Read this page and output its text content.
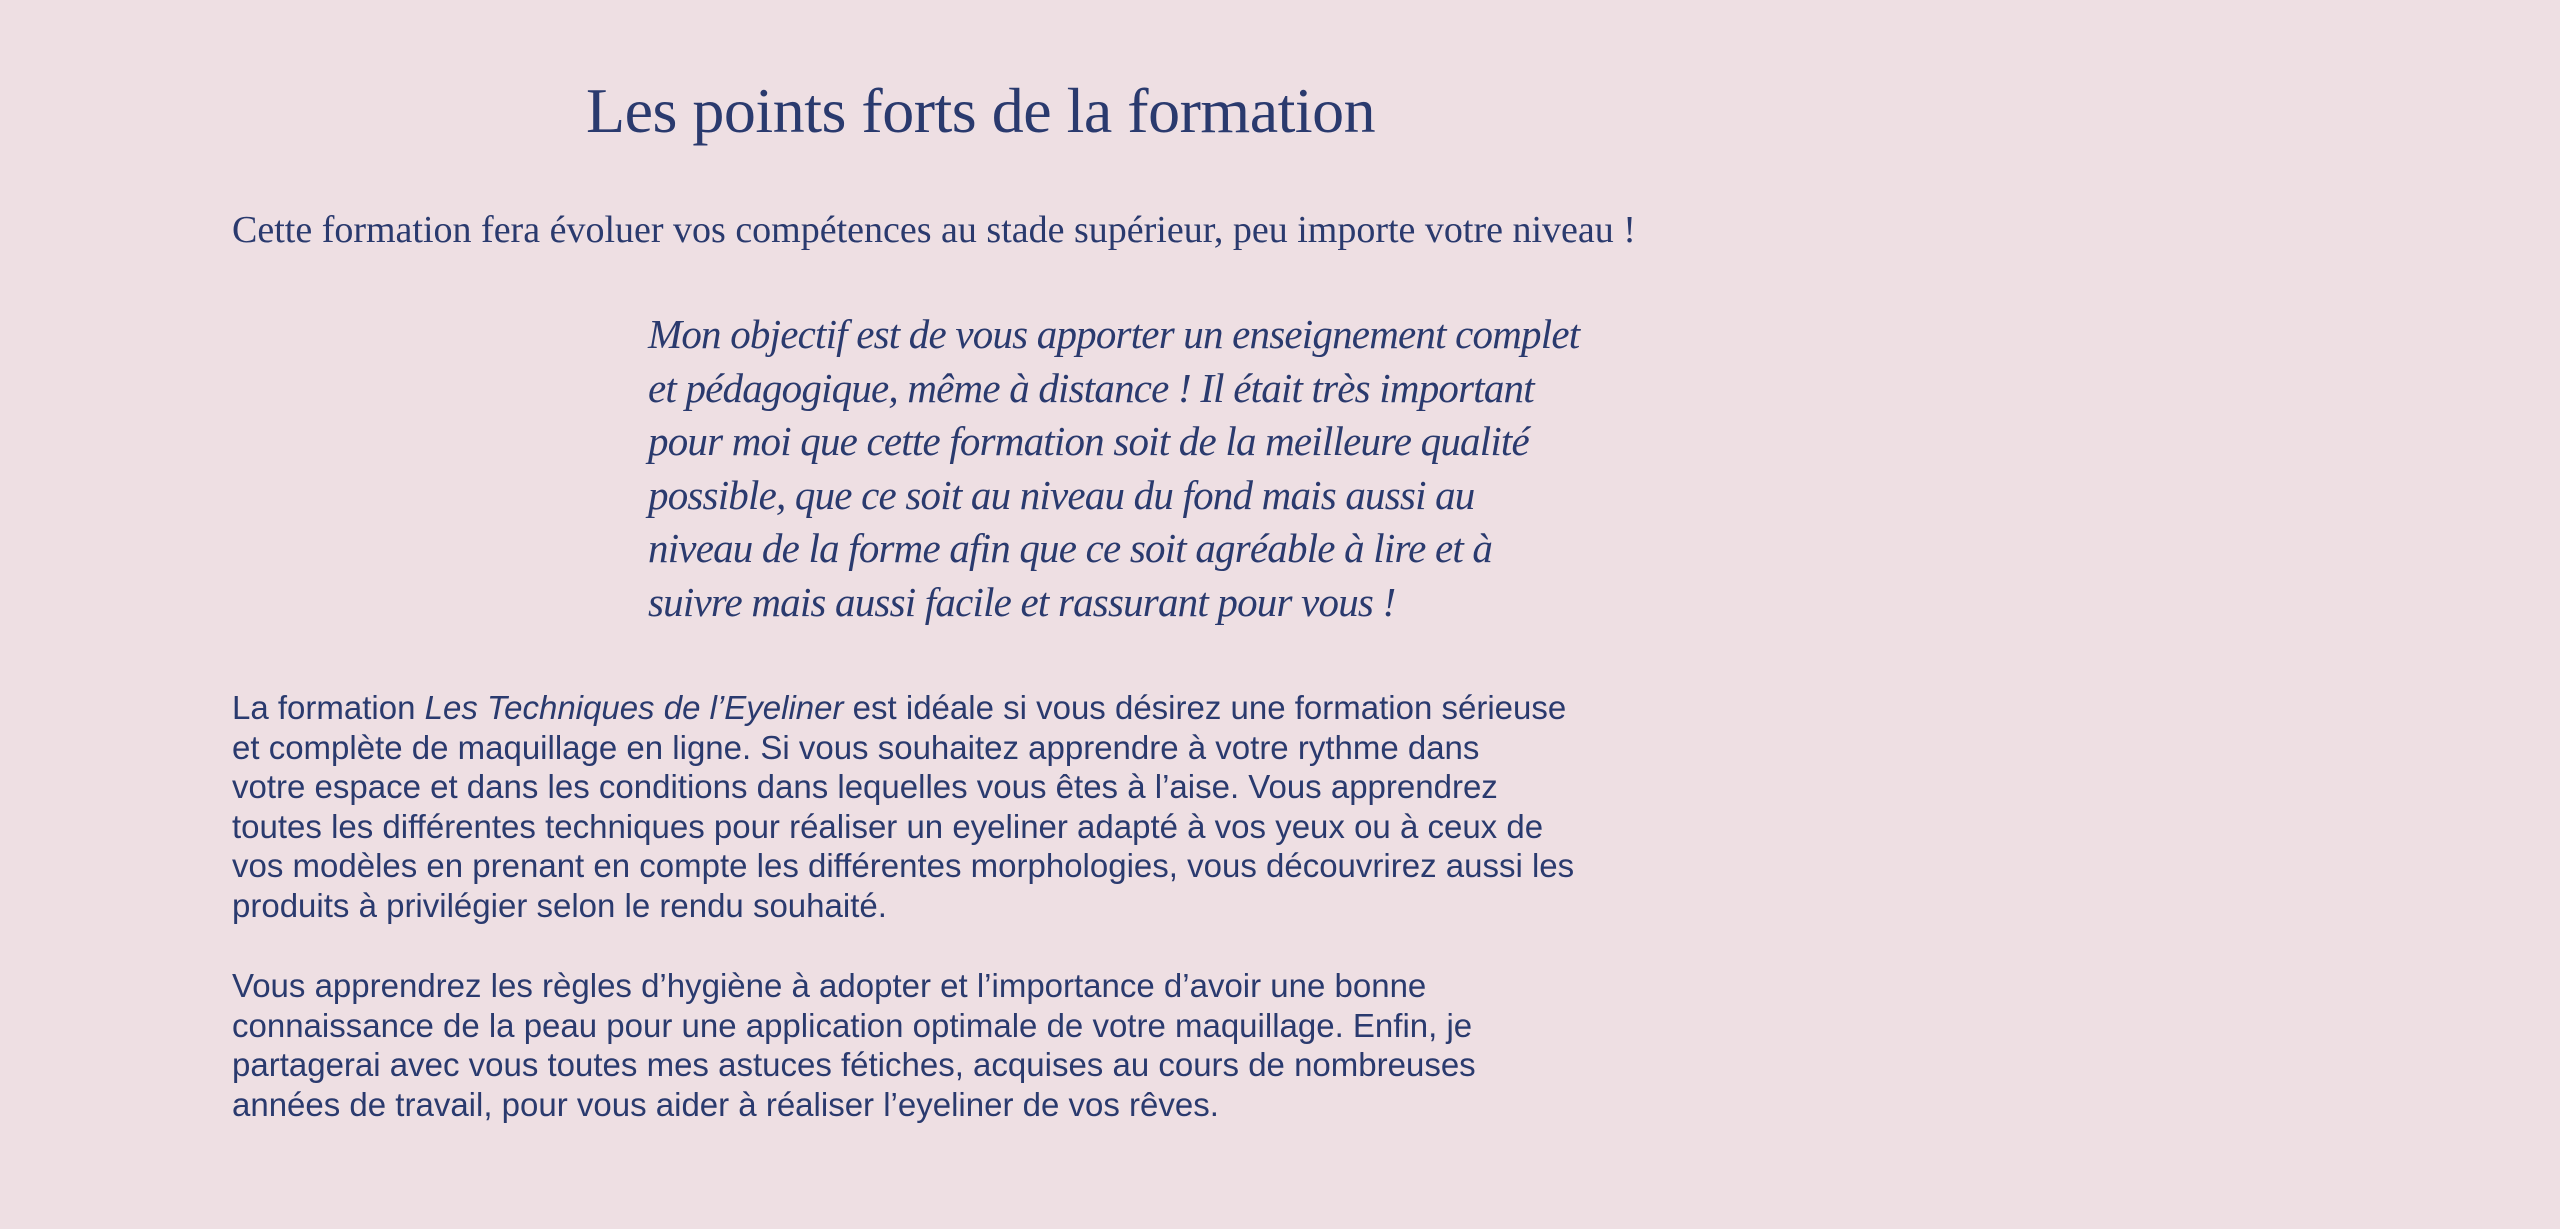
Les points forts de la formation

Cette formation fera évoluer vos compétences au stade supérieur, peu importe votre niveau !

Mon objectif est de vous apporter un enseignement complet
et pédagogique, même à distance ! Il était très important
pour moi que cette formation soit de la meilleure qualité
possible, que ce soit au niveau du fond mais aussi au
niveau de la forme afin que ce soit agréable à lire et à
suivre mais aussi facile et rassurant pour vous !
La formation Les Techniques de l’Eyeliner est idéale si vous désirez une formation sérieuse
et complète de maquillage en ligne. Si vous souhaitez apprendre à votre rythme dans
votre espace et dans les conditions dans lequelles vous êtes à l’aise. Vous apprendrez
toutes les différentes techniques pour réaliser un eyeliner adapté à vos yeux ou à ceux de
vos modèles en prenant en compte les différentes morphologies, vous découvrirez aussi les
produits à privilégier selon le rendu souhaité.
Vous apprendrez les règles d’hygiène à adopter et l’importance d’avoir une bonne
connaissance de la peau pour une application optimale de votre maquillage. Enfin, je
partagerai avec vous toutes mes astuces fétiches, acquises au cours de nombreuses
années de travail, pour vous aider à réaliser l’eyeliner de vos rêves.
